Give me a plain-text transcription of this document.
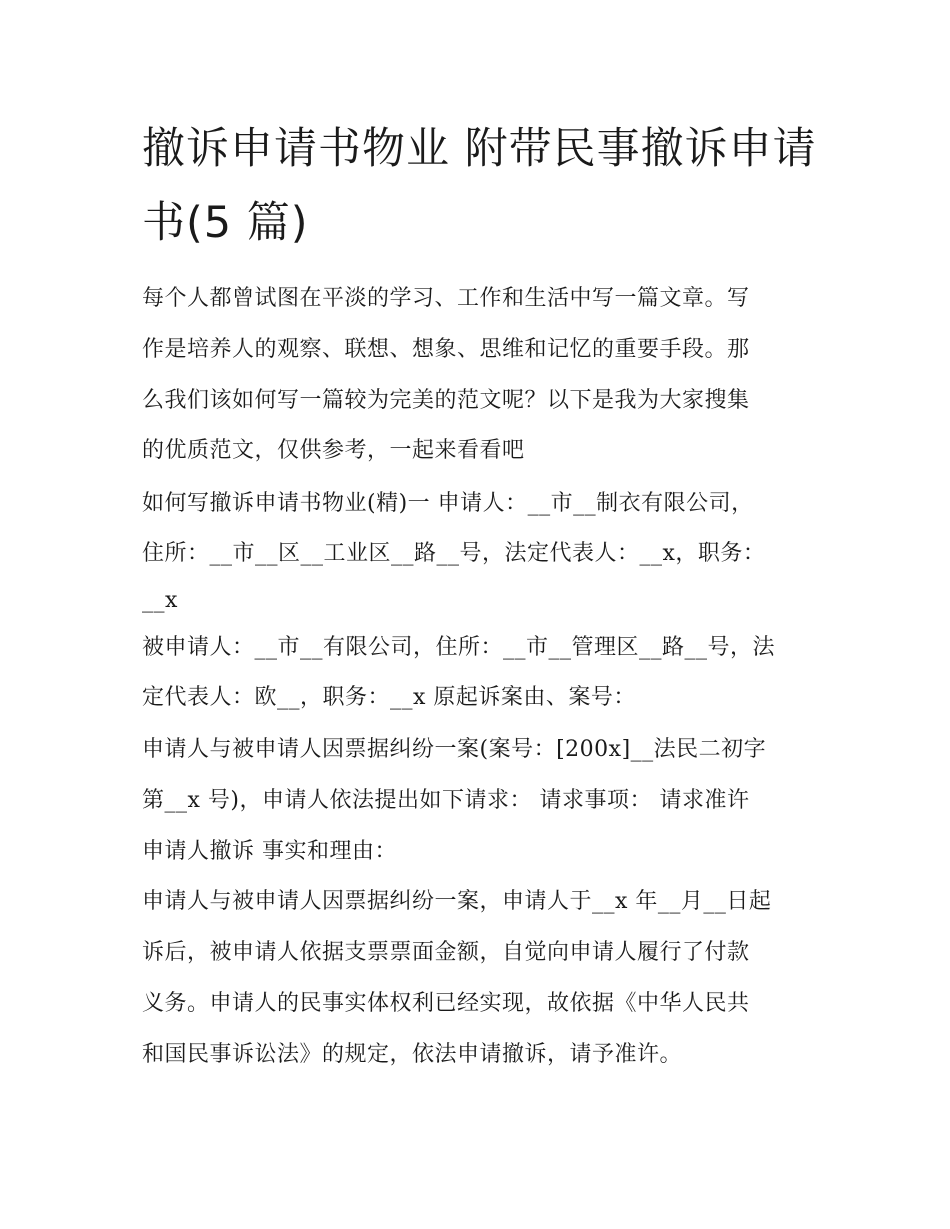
撤诉申请书物业 附带民事撤诉申请书(5 篇)

每个人都曾试图在平淡的学习、工作和生活中写一篇文章。写

作是培养人的观察、联想、想象、思维和记忆的重要手段。那

么我们该如何写一篇较为完美的范文呢？以下是我为大家搜集

的优质范文，仅供参考，一起来看看吧

如何写撤诉申请书物业(精)一 申请人：__市__制衣有限公司，

住所：__市__区__工业区__路__号，法定代表人：__x，职务：

__x

被申请人：__市__有限公司，住所：__市__管理区__路__号，法

定代表人：欧__，职务：__x 原起诉案由、案号：

申请人与被申请人因票据纠纷一案(案号：[200x]__法民二初字

第__x 号)，申请人依法提出如下请求： 请求事项： 请求准许

申请人撤诉 事实和理由：

申请人与被申请人因票据纠纷一案，申请人于__x 年__月__日起

诉后，被申请人依据支票票面金额，自觉向申请人履行了付款

义务。申请人的民事实体权利已经实现，故依据《中华人民共

和国民事诉讼法》的规定，依法申请撤诉，请予准许。
